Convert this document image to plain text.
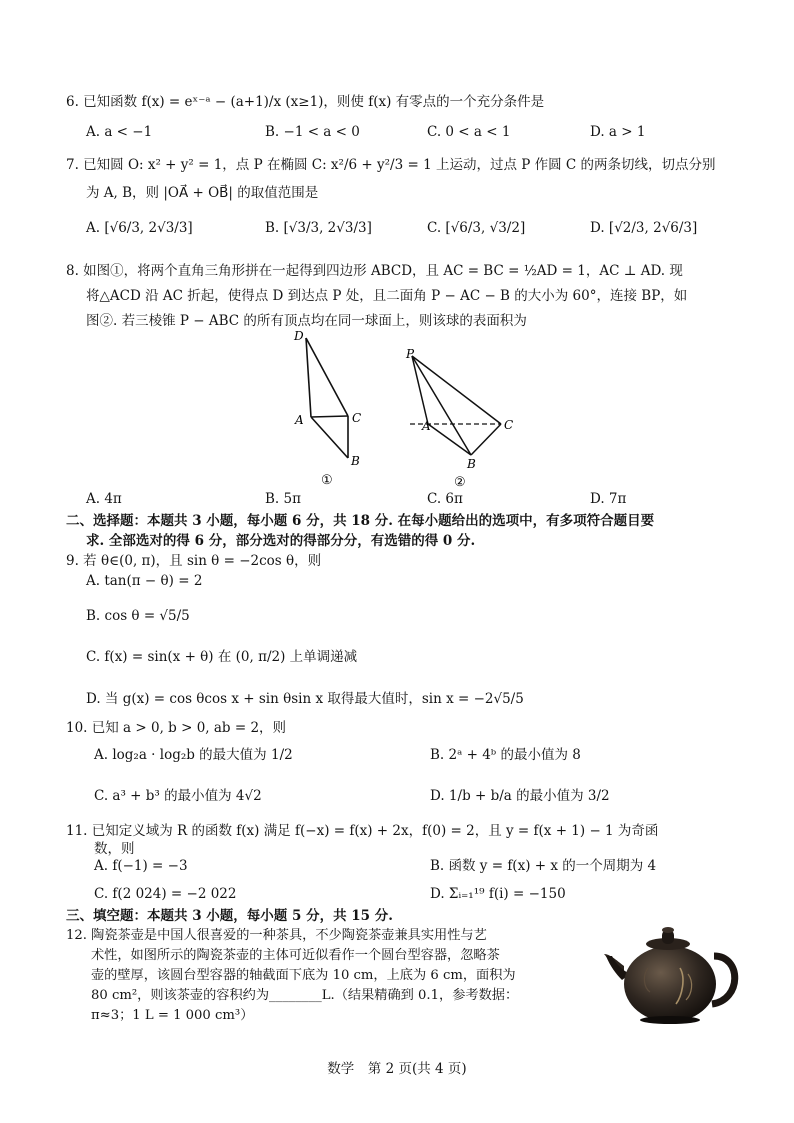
6. 已知函数 f(x) = eˣ⁻ᵃ − (a+1)/x (x≥1)，则使 f(x) 有零点的一个充分条件是
A. a < −1	B. −1 < a < 0	C. 0 < a < 1	D. a > 1
7. 已知圆 O: x² + y² = 1，点 P 在椭圆 C: x²/6 + y²/3 = 1 上运动，过点 P 作圆 C 的两条切线，切点分别
为 A, B，则 |OA⃗ + OB⃗| 的取值范围是
A. [√6/3, 2√3/3]	B. [√3/3, 2√3/3]	C. [√6/3, √3/2]	D. [√2/3, 2√6/3]
8. 如图①，将两个直角三角形拼在一起得到四边形 ABCD，且 AC = BC = ½AD = 1，AC ⊥ AD. 现
将△ACD 沿 AC 折起，使得点 D 到达点 P 处，且二面角 P − AC − B 的大小为 60°，连接 BP，如
图②. 若三棱锥 P − ABC 的所有顶点均在同一球面上，则该球的表面积为
D
A	C
B
①
P
A	C
B
②
A. 4π	B. 5π	C. 6π	D. 7π
二、选择题：本题共 3 小题，每小题 6 分，共 18 分. 在每小题给出的选项中，有多项符合题目要
求. 全部选对的得 6 分，部分选对的得部分分，有选错的得 0 分.
9. 若 θ∈(0, π)，且 sin θ = −2cos θ，则
A. tan(π − θ) = 2
B. cos θ = √5/5
C. f(x) = sin(x + θ) 在 (0, π/2) 上单调递减
D. 当 g(x) = cos θcos x + sin θsin x 取得最大值时，sin x = −2√5/5
10. 已知 a > 0, b > 0, ab = 2，则
A. log₂a · log₂b 的最大值为 1/2	B. 2ᵃ + 4ᵇ 的最小值为 8
C. a³ + b³ 的最小值为 4√2	D. 1/b + b/a 的最小值为 3/2
11. 已知定义域为 R 的函数 f(x) 满足 f(−x) = f(x) + 2x，f(0) = 2，且 y = f(x + 1) − 1 为奇函
数，则
A. f(−1) = −3	B. 函数 y = f(x) + x 的一个周期为 4
C. f(2 024) = −2 022	D. Σᵢ₌₁¹⁹ f(i) = −150
三、填空题：本题共 3 小题，每小题 5 分，共 15 分.
12. 陶瓷茶壶是中国人很喜爱的一种茶具，不少陶瓷茶壶兼具实用性与艺
术性，如图所示的陶瓷茶壶的主体可近似看作一个圆台型容器，忽略茶
壶的壁厚，该圆台型容器的轴截面下底为 10 cm，上底为 6 cm，面积为
80 cm²，则该茶壶的容积约为________L.（结果精确到 0.1，参考数据：
π≈3；1 L = 1 000 cm³）
数学　第 2 页(共 4 页)
